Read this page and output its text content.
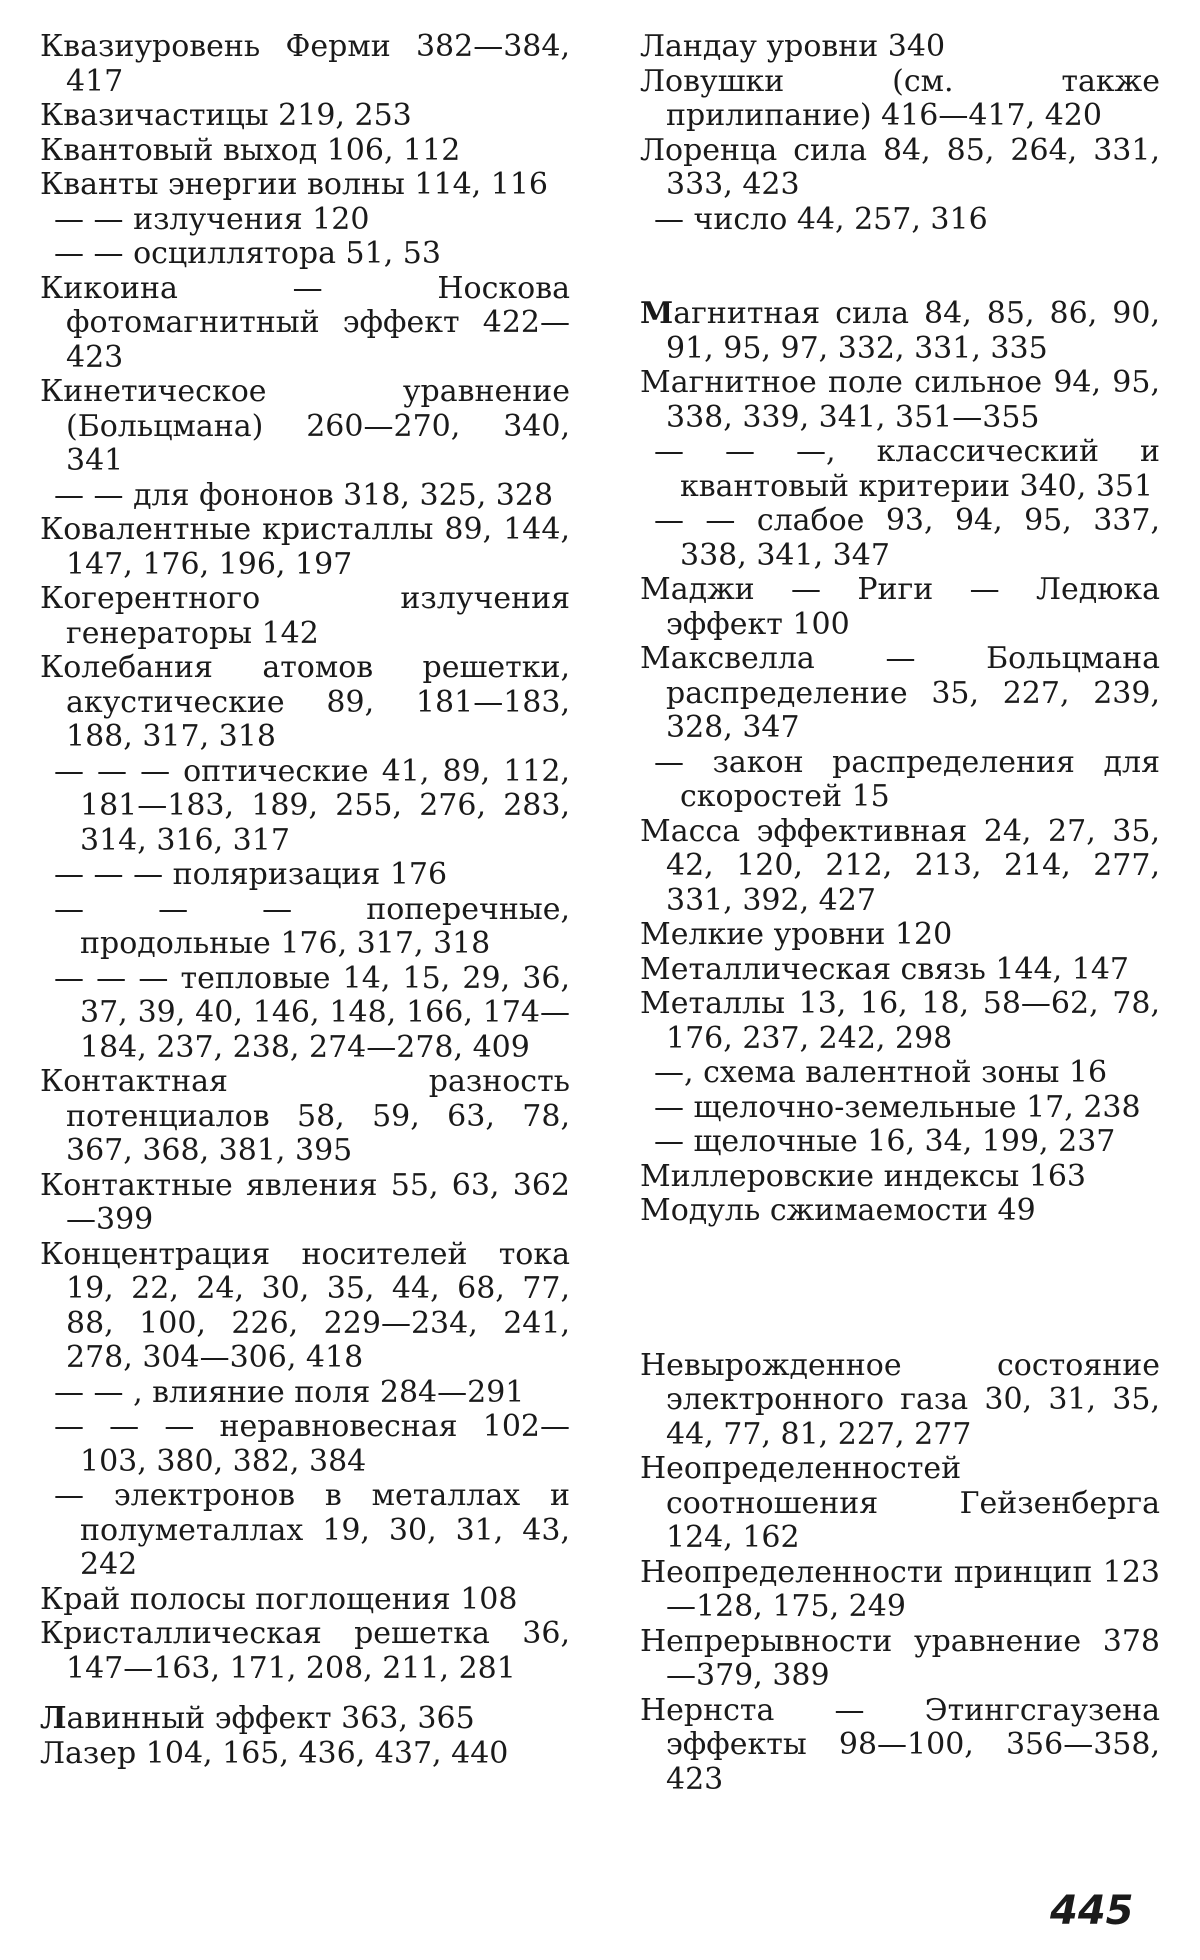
Квазиуровень Ферми 382—384, 417

Квазичастицы 219, 253

Квантовый выход 106, 112

Кванты энергии волны 114, 116

— — излучения 120

— — осциллятора 51, 53

Кикоина — Носкова фотомагнитный эффект 422—423

Кинетическое уравнение (Больцмана) 260—270, 340, 341

— — для фононов 318, 325, 328

Ковалентные кристаллы 89, 144, 147, 176, 196, 197

Когерентного излучения генераторы 142

Колебания атомов решетки, акустические 89, 181—183, 188, 317, 318

— — — оптические 41, 89, 112, 181—183, 189, 255, 276, 283, 314, 316, 317

— — — поляризация 176

— — — поперечные, продольные 176, 317, 318

— — — тепловые 14, 15, 29, 36, 37, 39, 40, 146, 148, 166, 174—184, 237, 238, 274—278, 409

Контактная разность потенциалов 58, 59, 63, 78, 367, 368, 381, 395

Контактные явления 55, 63, 362—399

Концентрация носителей тока 19, 22, 24, 30, 35, 44, 68, 77, 88, 100, 226, 229—234, 241, 278, 304—306, 418

— — , влияние поля 284—291

— — — неравновесная 102—103, 380, 382, 384

— электронов в металлах и полуметаллах 19, 30, 31, 43, 242

Край полосы поглощения 108

Кристаллическая решетка 36, 147—163, 171, 208, 211, 281

Лавинный эффект 363, 365

Лазер 104, 165, 436, 437, 440

Ландау уровни 340

Ловушки (см. также прилипание) 416—417, 420

Лоренца сила 84, 85, 264, 331, 333, 423

— число 44, 257, 316

Магнитная сила 84, 85, 86, 90, 91, 95, 97, 332, 331, 335

Магнитное поле сильное 94, 95, 338, 339, 341, 351—355

— — —, классический и квантовый критерии 340, 351

— — слабое 93, 94, 95, 337, 338, 341, 347

Маджи — Риги — Ледюка эффект 100

Максвелла — Больцмана распределение 35, 227, 239, 328, 347

— закон распределения для скоростей 15

Масса эффективная 24, 27, 35, 42, 120, 212, 213, 214, 277, 331, 392, 427

Мелкие уровни 120

Металлическая связь 144, 147

Металлы 13, 16, 18, 58—62, 78, 176, 237, 242, 298

—, схема валентной зоны 16

— щелочно-земельные 17, 238

— щелочные 16, 34, 199, 237

Миллеровские индексы 163

Модуль сжимаемости 49

Невырожденное состояние электронного газа 30, 31, 35, 44, 77, 81, 227, 277

Неопределенностей соотношения Гейзенберга 124, 162

Неопределенности принцип 123—128, 175, 249

Непрерывности уравнение 378—379, 389

Нернста — Этингсгаузена эффекты 98—100, 356—358, 423

445
